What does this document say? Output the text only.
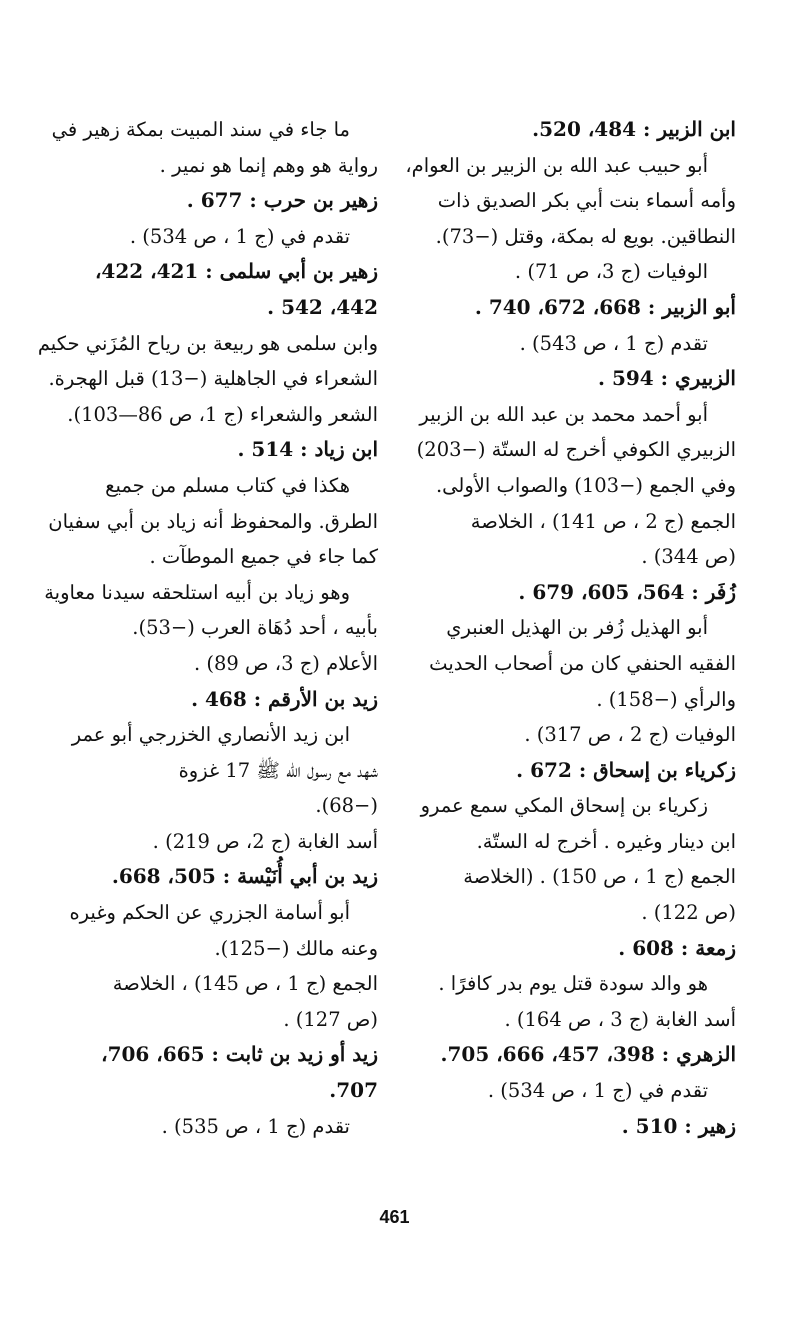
ابن الزبير : 484، 520.
أبو حبيب عبد الله بن الزبير بن العوام،
وأمه أسماء بنت أبي بكر الصديق ذات
النطاقين. بويع له بمكة، وقتل (−73).
الوفيات (ج 3، ص 71) .
أبو الزبير : 668، 672، 740 .
تقدم (ج 1 ، ص 543) .
الزبيري : 594 .
أبو أحمد محمد بن عبد الله بن الزبير
الزبيري الكوفي أخرج له الستّة (−203)
وفي الجمع (−103) والصواب الأولى.
الجمع (ج 2 ، ص 141) ، الخلاصة
(ص 344) .
زُفَر : 564، 605، 679 .
أبو الهذيل زُفر بن الهذيل العنبري
الفقيه الحنفي كان من أصحاب الحديث
والرأي (−158) .
الوفيات (ج 2 ، ص 317) .
زكرياء بن إسحاق : 672 .
زكرياء بن إسحاق المكي سمع عمرو
ابن دينار وغيره . أخرج له الستّة.
الجمع (ج 1 ، ص 150) . (الخلاصة
(ص 122) .
زمعة : 608 .
هو والد سودة قتل يوم بدر كافرًا .
أسد الغابة (ج 3 ، ص 164) .
الزهري : 398، 457، 666، 705.
تقدم في (ج 1 ، ص 534) .
زهير : 510 .
ما جاء في سند المبيت بمكة زهير في
رواية هو وهم إنما هو نمير .
زهير بن حرب : 677 .
تقدم في (ج 1 ، ص 534) .
زهير بن أبي سلمى : 421، 422،
442، 542 .
وابن سلمى هو ربيعة بن رياح المُزَني حكيم
الشعراء في الجاهلية (−13) قبل الهجرة.
الشعر والشعراء (ج 1، ص 86—103).
ابن زياد : 514 .
هكذا في كتاب مسلم من جميع
الطرق. والمحفوظ أنه زياد بن أبي سفيان
كما جاء في جميع الموطآت .
وهو زياد بن أبيه استلحقه سيدنا معاوية
بأبيه ، أحد دُهَاة العرب (−53).
الأعلام (ج 3، ص 89) .
زيد بن الأرقم : 468 .
ابن زيد الأنصاري الخزرجي أبو عمر
شهد مع رسول الله ﷺ 17 غزوة
(−68).
أسد الغابة (ج 2، ص 219) .
زيد بن أبي أُنَيْسة : 505، 668.
أبو أسامة الجزري عن الحكم وغيره
وعنه مالك (−125).
الجمع (ج 1 ، ص 145) ، الخلاصة
(ص 127) .
زيد أو زيد بن ثابت : 665، 706،
707.
تقدم (ج 1 ، ص 535) .
461
